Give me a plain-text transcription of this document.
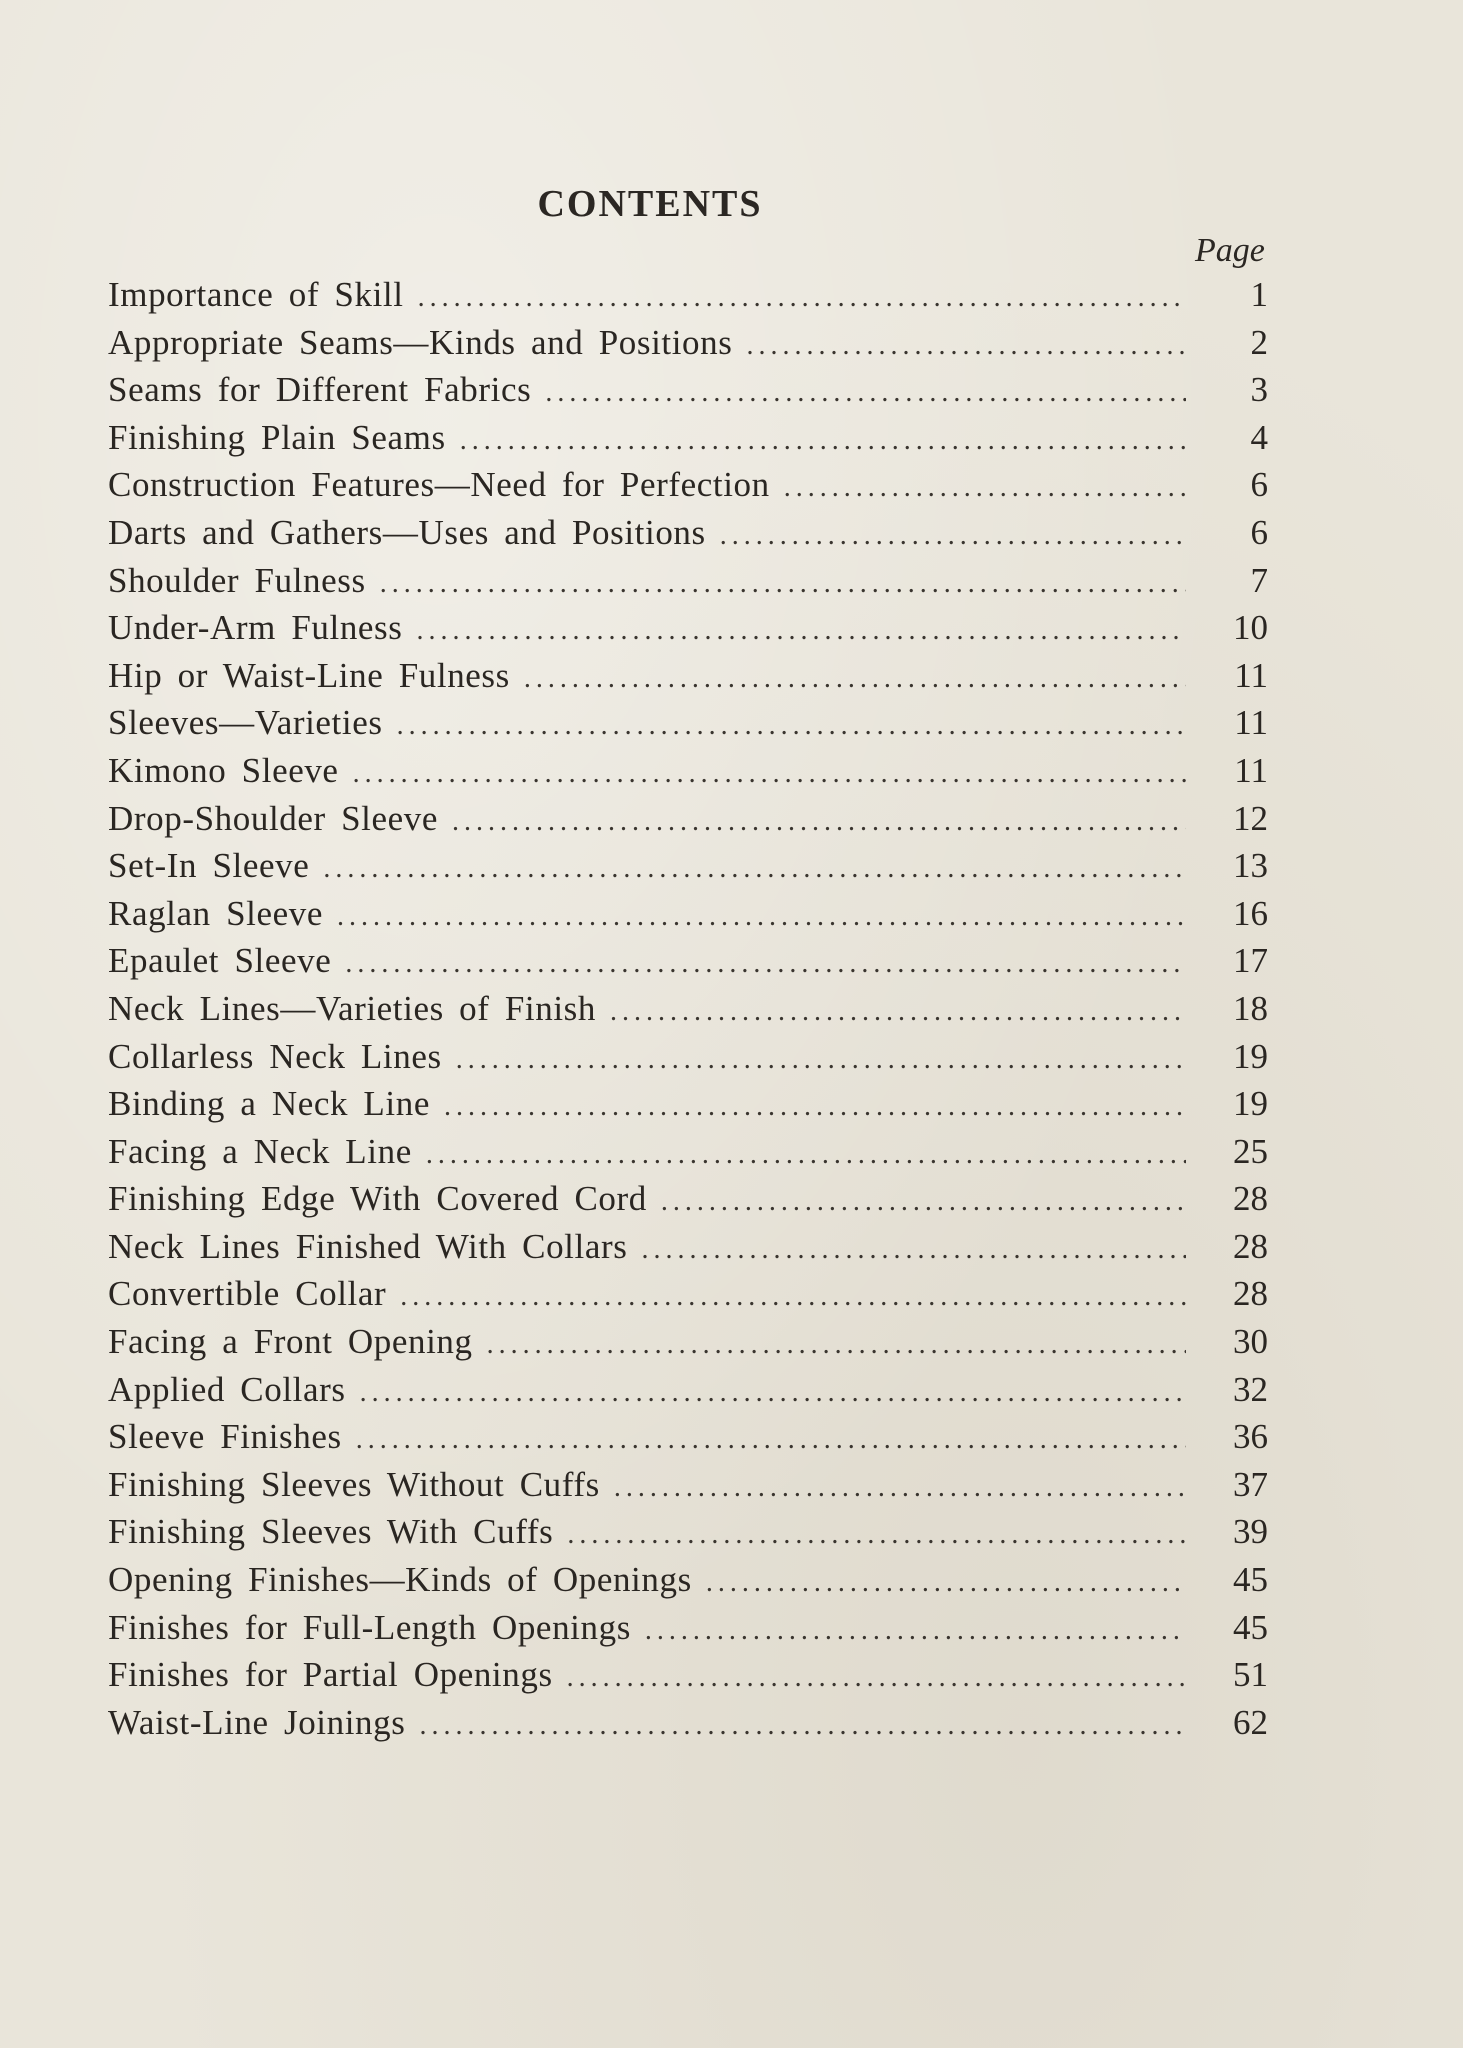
CONTENTS
Page
Importance of Skill . . .	1
Appropriate Seams—Kinds and Positions . . .	2
Seams for Different Fabrics . . .	3
Finishing Plain Seams . . .	4
Construction Features—Need for Perfection . . .	6
Darts and Gathers—Uses and Positions . . .	6
Shoulder Fulness . . .	7
Under-Arm Fulness . . .	10
Hip or Waist-Line Fulness . . .	11
Sleeves—Varieties . . .	11
Kimono Sleeve . . .	11
Drop-Shoulder Sleeve . . .	12
Set-In Sleeve . . .	13
Raglan Sleeve . . .	16
Epaulet Sleeve . . .	17
Neck Lines—Varieties of Finish . . .	18
Collarless Neck Lines . . .	19
Binding a Neck Line . . .	19
Facing a Neck Line . . .	25
Finishing Edge With Covered Cord . . .	28
Neck Lines Finished With Collars . . .	28
Convertible Collar . . .	28
Facing a Front Opening . . .	30
Applied Collars . . .	32
Sleeve Finishes . . .	36
Finishing Sleeves Without Cuffs . . .	37
Finishing Sleeves With Cuffs . . .	39
Opening Finishes—Kinds of Openings . . .	45
Finishes for Full-Length Openings . . .	45
Finishes for Partial Openings . . .	51
Waist-Line Joinings . . .	62
